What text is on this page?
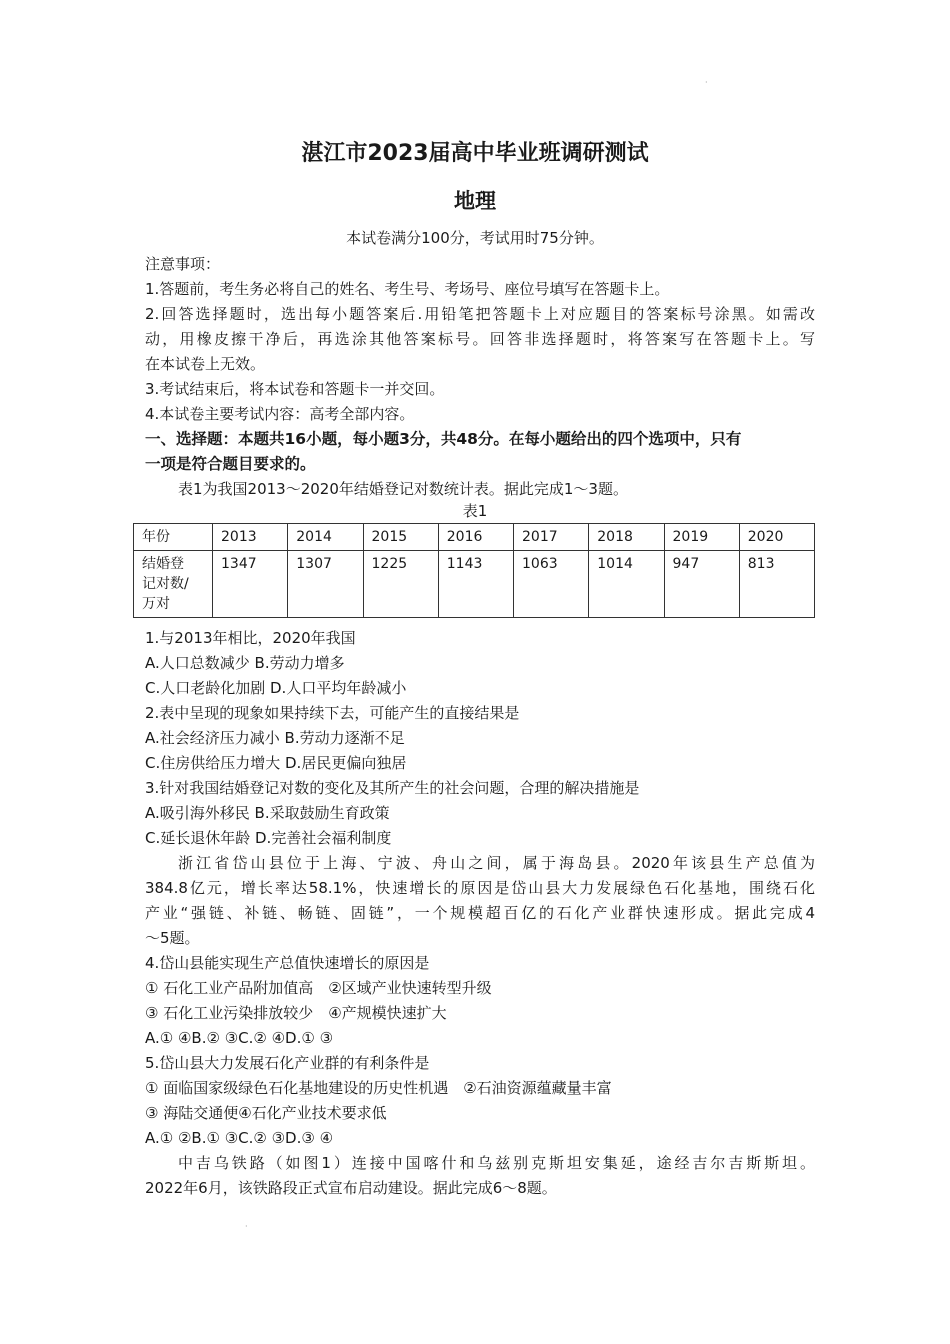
·
湛江市2023届高中毕业班调研测试
地理
本试卷满分100分，考试用时75分钟。
注意事项：
1.答题前，考生务必将自己的姓名、考生号、考场号、座位号填写在答题卡上。
2.回答选择题时，选出每小题答案后.用铅笔把答题卡上对应题目的答案标号涂黑。如需改
动，用橡皮擦干净后，再选涂其他答案标号。回答非选择题时，将答案写在答题卡上。写
在本试卷上无效。
3.考试结束后，将本试卷和答题卡一并交回。
4.本试卷主要考试内容：高考全部内容。
一、选择题：本题共16小题，每小题3分，共48分。在每小题给出的四个选项中，只有
一项是符合题目要求的。
表1为我国2013～2020年结婚登记对数统计表。据此完成1～3题。
表1
年份	2013	2014	2015	2016	2017	2018	2019	2020

结婚登
记对数/
万对	1347	1307	1225	1143	1063	1014	947	813
1.与2013年相比，2020年我国
A.人口总数减少 B.劳动力增多
C.人口老龄化加剧 D.人口平均年龄减小
2.表中呈现的现象如果持续下去，可能产生的直接结果是
A.社会经济压力减小 B.劳动力逐渐不足
C.住房供给压力增大 D.居民更偏向独居
3.针对我国结婚登记对数的变化及其所产生的社会问题，合理的解决措施是
A.吸引海外移民 B.采取鼓励生育政策
C.延长退休年龄 D.完善社会福利制度
浙江省岱山县位于上海、宁波、舟山之间，属于海岛县。2020年该县生产总值为
384.8亿元，增长率达58.1%，快速增长的原因是岱山县大力发展绿色石化基地，围绕石化
产业“强链、补链、畅链、固链”，一个规模超百亿的石化产业群快速形成。据此完成4
～5题。
4.岱山县能实现生产总值快速增长的原因是
① 石化工业产品附加值高　②区域产业快速转型升级
③ 石化工业污染排放较少　④产规模快速扩大
A.① ④B.② ③C.② ④D.① ③
5.岱山县大力发展石化产业群的有利条件是
① 面临国家级绿色石化基地建设的历史性机遇　②石油资源蕴藏量丰富
③ 海陆交通便④石化产业技术要求低
A.① ②B.① ③C.② ③D.③ ④
中吉乌铁路（如图1）连接中国喀什和乌兹别克斯坦安集延，途经吉尔吉斯斯坦。
2022年6月，该铁路段正式宣布启动建设。据此完成6～8题。
·
